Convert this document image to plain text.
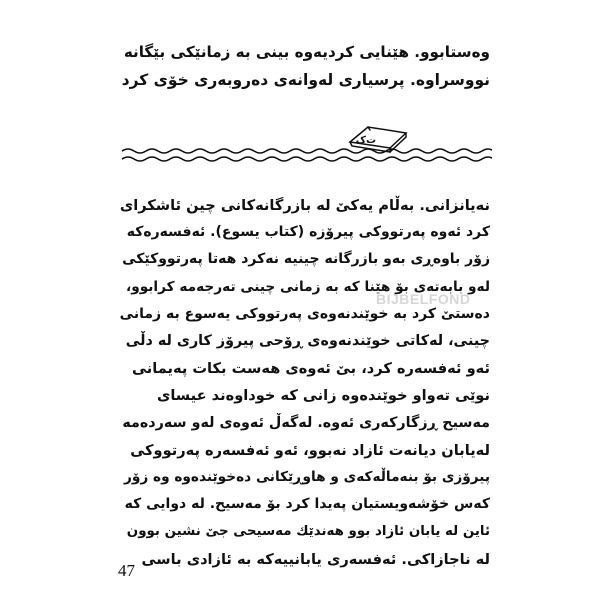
وەستابوو. هێنایی کردیەوە بینی بە زمانێکی بێگانە
نووسراوە. پرسیاری لەوانەی دەروبەری خۆی کرد
ت‌ک
نەیانزانی. بەڵام یەکێ لە بازرگانەکانی چین ئاشکرای
کرد ئەوە پەرتووکی پیرۆزە (کتاب یسوع). ئەفسەرەکە
زۆر باوەڕی بەو بازرگانە چینیە نەکرد هەتا پەرتووکێکی
لەو بابەتەی بۆ هێنا کە بە زمانی چینی تەرجەمە کرابوو،
دەستێ کرد بە خوێندنەوەی پەرتووکی یەسوع بە زمانی
چینی، لەکاتی خوێندنەوەی ڕۆحی پیرۆز کاری لە دڵی
ئەو ئەفسەرە کرد، بێ ئەوەی هەست بکات پەیمانی
نوێی تەواو خوێندەوە زانی کە خوداوەند عیسای
مەسیح ڕزگارکەری ئەوە. لەگەڵ ئەوەی لەو سەردەمە
لەیابان دیانەت ئازاد نەبوو، ئەو ئەفسەرە پەرتووکی
پیرۆزی بۆ بنەماڵەکەی و هاوڕێکانی دەخوێندەوە وە زۆر
کەس خۆشەویستیان پەیدا کرد بۆ مەسیح. لە دوایی کە
ئاین لە یابان ئازاد بوو هەندێك مەسیحی جێ نشین بوون
لە ناجازاکی. ئەفسەری یابانییەکە بە ئازادی باسی
BIJBELFOND
47
